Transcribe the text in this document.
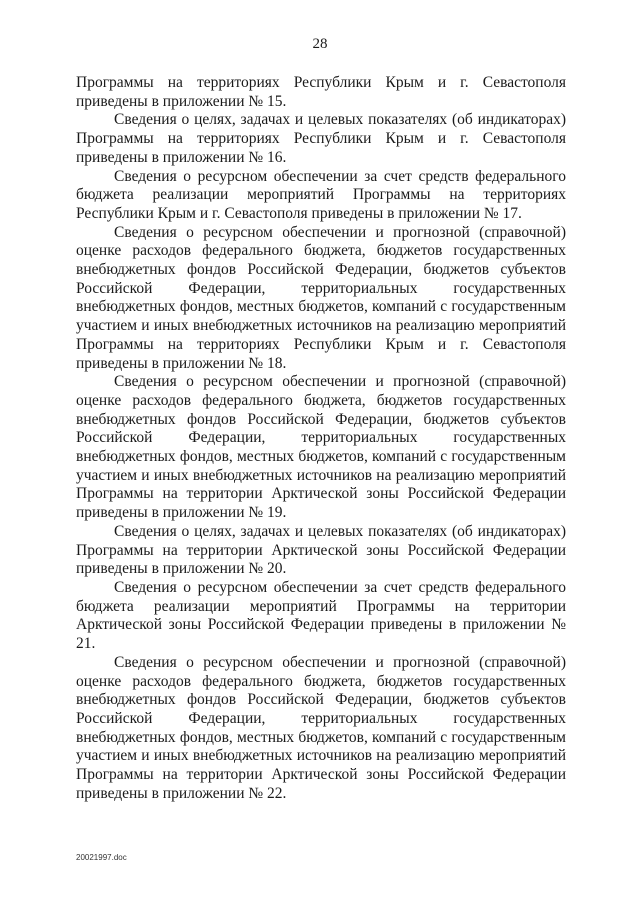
28

Программы на территориях Республики Крым и г. Севастополя приведены в приложении № 15.

Сведения о целях, задачах и целевых показателях (об индикаторах) Программы на территориях Республики Крым и г. Севастополя приведены в приложении № 16.

Сведения о ресурсном обеспечении за счет средств федерального бюджета реализации мероприятий Программы на территориях Республики Крым и г. Севастополя приведены в приложении № 17.

Сведения о ресурсном обеспечении и прогнозной (справочной) оценке расходов федерального бюджета, бюджетов государственных внебюджетных фондов Российской Федерации, бюджетов субъектов Российской Федерации, территориальных государственных внебюджетных фондов, местных бюджетов, компаний с государственным участием и иных внебюджетных источников на реализацию мероприятий Программы на территориях Республики Крым и г. Севастополя приведены в приложении № 18.

Сведения о ресурсном обеспечении и прогнозной (справочной) оценке расходов федерального бюджета, бюджетов государственных внебюджетных фондов Российской Федерации, бюджетов субъектов Российской Федерации, территориальных государственных внебюджетных фондов, местных бюджетов, компаний с государственным участием и иных внебюджетных источников на реализацию мероприятий Программы на территории Арктической зоны Российской Федерации приведены в приложении № 19.

Сведения о целях, задачах и целевых показателях (об индикаторах) Программы на территории Арктической зоны Российской Федерации приведены в приложении № 20.

Сведения о ресурсном обеспечении за счет средств федерального бюджета реализации мероприятий Программы на территории Арктической зоны Российской Федерации приведены в приложении № 21.

Сведения о ресурсном обеспечении и прогнозной (справочной) оценке расходов федерального бюджета, бюджетов государственных внебюджетных фондов Российской Федерации, бюджетов субъектов Российской Федерации, территориальных государственных внебюджетных фондов, местных бюджетов, компаний с государственным участием и иных внебюджетных источников на реализацию мероприятий Программы на территории Арктической зоны Российской Федерации приведены в приложении № 22.

20021997.doc
